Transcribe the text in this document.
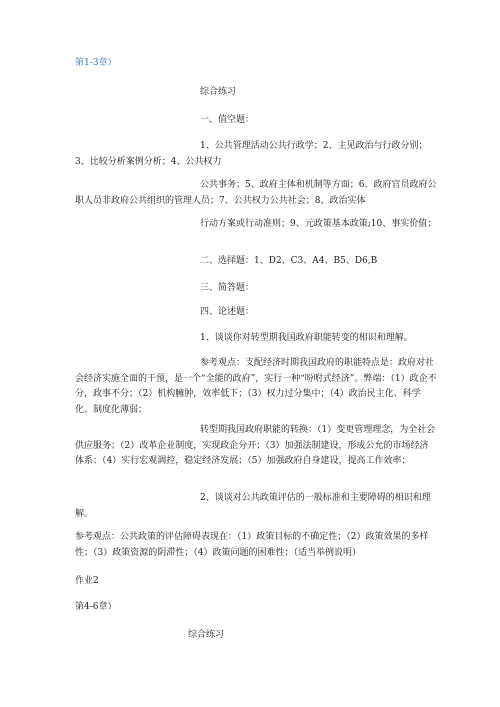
第1-3章）
综合练习
一、值空题：
1、公共管理活动公共行政学；2、主见政治与行政分别；3、比较分析案例分析；4、公共权力
公共事务；5、政府主体和机制等方面；6、政府官员政府公职人员非政府公共组织的管理人员；7、公共权力公共社会；8、政治实体
行动方案或行动准则；9、元政策基本政策;10、事实价值；
二、选择题：1、D2、C3、A4、B5、D6,B
三、简答题：
四、论述题：
1、谈谈你对转型期我国政府职能转变的相识和理解。
参考观点：支配经济时期我国政府的职能特点是：政府对社会经济实施全面的干预，是一个“全能的政府”，实行一种“吩咐式经济”。弊端：（1）政企不分，政事不分；（2）机构臃肿，效率低下；（3）权力过分集中；（4）政治民主化、科学化、制度化薄弱；
转型期我国政府职能的转换：（1）变更管理理念，为全社会供应服务；（2）改革企业制度，实现政企分开；（3）加强法制建设，形成公允的市场经济体系；（4）实行宏观调控，稳定经济发展；（5）加强政府自身建设，提高工作效率；
2、谈谈对公共政策评估的一般标准和主要障碍的相识和理解。
参考观点：公共政策的评估障碍表现在：（1）政策目标的不确定性；（2）政策效果的多样性；（3）政策资源的阴滞性；（4）政策问题的困难性；（适当举例说明）
作业2
第4-6章）
综合练习
